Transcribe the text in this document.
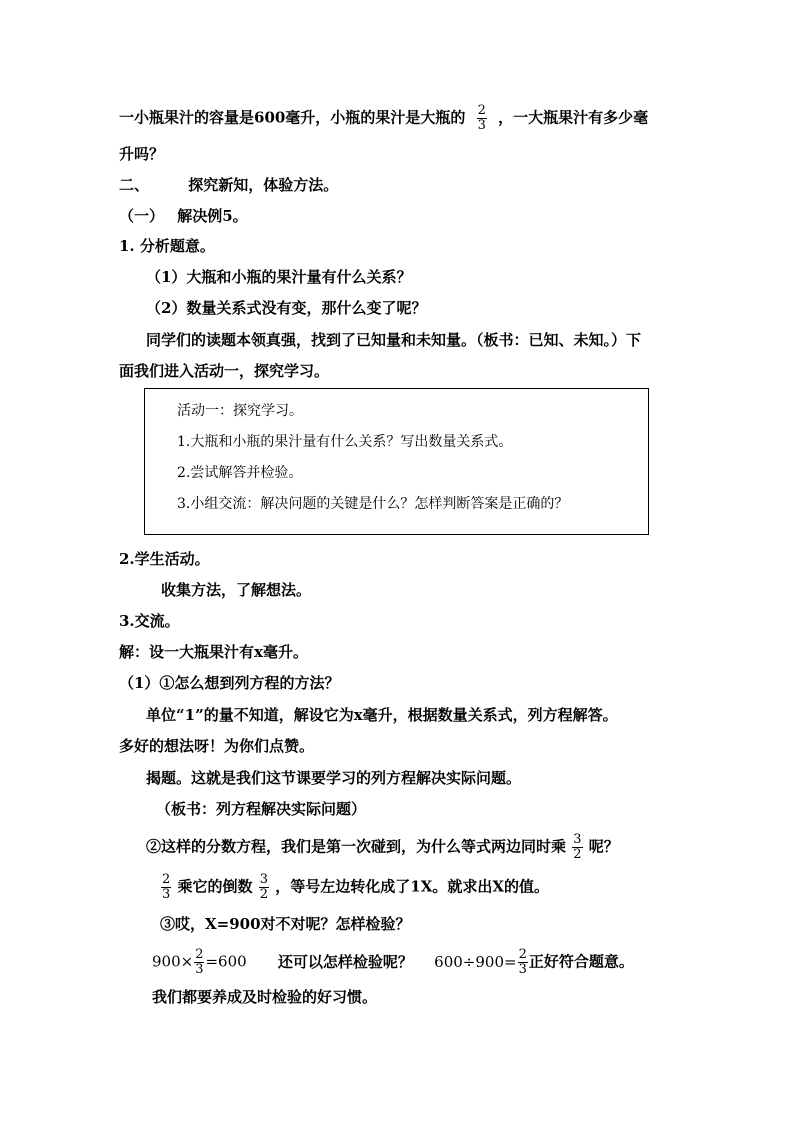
一小瓶果汁的容量是600毫升，小瓶的果汁是大瓶的 $\frac{2}{3}$ ，一大瓶果汁有多少毫
升吗？
二、	探究新知，体验方法。
（一） 解决例5。
1. 分析题意。
（1）大瓶和小瓶的果汁量有什么关系？
（2）数量关系式没有变，那什么变了呢？
同学们的读题本领真强，找到了已知量和未知量。（板书：已知、未知。）下
面我们进入活动一，探究学习。
活动一：探究学习。
1.大瓶和小瓶的果汁量有什么关系？写出数量关系式。
2.尝试解答并检验。
3.小组交流：解决问题的关键是什么？怎样判断答案是正确的？
2.学生活动。
收集方法，了解想法。
3.交流。
解：设一大瓶果汁有x毫升。
（1）①怎么想到列方程的方法？
单位“1”的量不知道，解设它为x毫升，根据数量关系式，列方程解答。
多好的想法呀！为你们点赞。
揭题。这就是我们这节课要学习的列方程解决实际问题。
（板书：列方程解决实际问题）
②这样的分数方程，我们是第一次碰到，为什么等式两边同时乘 $\frac{3}{2}$ 呢？
$\frac{2}{3}$ 乘它的倒数 $\frac{3}{2}$ ，等号左边转化成了1X。就求出X的值。
③哎，X=900对不对呢？怎样检验？
$900\times \frac{2}{3} =600$ 还可以怎样检验呢？ $600\div 900= \frac{2}{3}$ 正好符合题意。
我们都要养成及时检验的好习惯。
